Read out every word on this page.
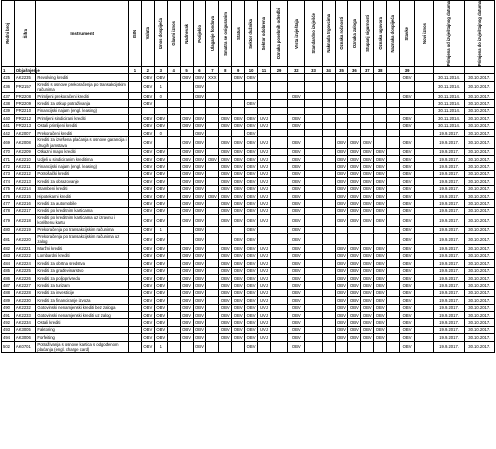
Redni broj	Šifra	Instrument	ISIN	Valuta	Iznos dospijeća	Glavni iznos	Nadnevak	Porijeklo	Ulaganje fondova	Smatra se osiguranim	Status	Sektor dužnika	Sektor odobrena	Oznaka posebnih odredbi	Vrsta izvještaja	Standardno izvješće	Naknada trgovcima	Oznaka ročnosti	Oznaka zaloga	Stupanj sigurnosti	Oznaka ugovora	Naznaka dospijeća	Stavke	Novi iznos	Primjena od izvještajnog datuma	Primjena do izvještajnog datuma

1	Objašnjenje		1	2	3	4	5	6	7	8	9	10	11	29	32	33	34	35	36	37	38		39			
425	AK2235	Revolving krediti		OBV	OBV		OBV	OBV	XXX		OBV	OBV											OBV		30.11.2014.	30.10.2017.
436	PR2157	Krediti s osnove prekoračenja po transakcijskim računima		OBV	1			OBV																	30.11.2014.	30.10.2017.
437	PR2208	Primljeni prekoračeni krediti		OBV	0			OBV							OBV								OBV		30.11.2014.	30.10.2017.
438	PR2209	Krediti za otkup potraživanja		OBV								OBV													30.11.2014.	30.10.2017.
439	PR2210	Financijski najam (engl. leasing)																							30.11.2014.	30.10.2017.
440	PR2212	Primljeni sindicirani krediti		OBV	OBV		OBV	OBV		OBV	OBV	OBV	UVJ		OBV								OBV		30.11.2014.	30.10.2017.
441	PR2213	Ostali primljeni krediti		OBV	OBV		OBV	OBV		OBV	OBV	OBV	UVJ		OBV								OBV		30.11.2014.	30.10.2017.
442	AK2007	Prekoračeni krediti		OBV	0			OBV				OBV													19.9.2017.	30.10.2017.
469	AK2008	Krediti za izvršena plaćanja s osnove garancija i drugih jamstava		OBV			OBV	OBV		OBV	OBV	OBV	UVJ		OBV			OBV	OBV	OBV			OBV		19.9.2017.	30.10.2017.
470	AK2209	Otkazni mapo krediti		OBV	OBV		OBV	OBV		OBV	OBV	OBV	UVJ		OBV			OBV	OBV	OBV	OBV		OBV		19.9.2017.	30.10.2017.
471	AK2210	Udjeli u sindiciranim kreditima		OBV	OBV		OBV	OBV	OBV	OBV	OBV	OBV	UVJ		OBV			OBV	OBV	OBV	OBV		OBV		19.9.2017.	30.10.2017.
472	AK2211	Financijski najam (engl. leasing)		OBV	OBV		OBV	OBV		OBV	OBV	OBV	UVJ		OBV			OBV	OBV	OBV	OBV		OBV		19.9.2017.	30.10.2017.
473	AK2212	Potrošački krediti		OBV	OBV		OBV	OBV		OBV	OBV	OBV	UVJ		OBV			OBV	OBV	OBV	OBV		OBV		19.9.2017.	30.10.2017.
474	AK2213	Krediti za obrazovanje		OBV	OBV		OBV	OBV		OBV	OBV	OBV	UVJ		OBV			OBV	OBV	OBV	OBV		OBV		19.9.2017.	30.10.2017.
475	AK2214	Stambeni krediti		OBV	OBV		OBV	OBV		OBV	OBV	OBV	UVJ		OBV			OBV	OBV	OBV	OBV		OBV		19.9.2017.	30.10.2017.
476	AK2215	Hipotekarni krediti		OBV	OBV		OBV	OBV	OBV	OBV	OBV	OBV	UVJ		OBV			OBV	OBV	OBV	OBV		OBV		19.9.2017.	30.10.2017.
477	AK2216	Krediti za automobile		OBV	OBV		OBV	OBV		OBV	OBV	OBV	UVJ		OBV			OBV	OBV	OBV	OBV		OBV		19.9.2017.	30.10.2017.
478	AK2217	Krediti po kreditnim karticama		OBV	OBV		OBV	OBV		OBV	OBV	OBV	UVJ		OBV			OBV	OBV	OBV	OBV		OBV		19.9.2017.	30.10.2017.
479	AK2218	Krediti po kreditnim karticama uz izravnu i korištenu kartu		OBV	OBV		OBV	OBV		OBV	OBV	OBV	UVJ		OBV			OBV	OBV	OBV	OBV		OBV		19.9.2017.	30.10.2017.
480	AK2219	Prekoračenja po transakcijskim računima		OBV	1			OBV				OBV			OBV								OBV		19.9.2017.	30.10.2017.
481	AK2220	Prekoračenja po transakcijskim računima uz zalog		OBV	OBV			OBV			OBV	OBV			OBV								OBV		19.9.2017.	30.10.2017.
482	AK2221	Maržni krediti		OBV	OBV		OBV	OBV		OBV	OBV	OBV	UVJ		OBV			OBV	OBV	OBV	OBV		OBV		19.9.2017.	30.10.2017.
483	AK2222	Lombardni krediti		OBV	OBV		OBV	OBV		OBV	OBV	OBV	UVJ		OBV			OBV	OBV	OBV	OBV		OBV		19.9.2017.	30.10.2017.
484	AK2224	Krediti za obrtna sredstva		OBV	OBV		OBV	OBV		OBV	OBV	OBV	UVJ		OBV			OBV	OBV	OBV	OBV		OBV		19.9.2017.	30.10.2017.
485	AK2225	Krediti za građevinarstvo		OBV	OBV		OBV	OBV		OBV	OBV	OBV	UVJ		OBV			OBV	OBV	OBV	OBV		OBV		19.9.2017.	30.10.2017.
486	AK2226	Krediti za poljoprivredu		OBV	OBV		OBV	OBV		OBV	OBV	OBV	UVJ		OBV			OBV	OBV	OBV	OBV		OBV		19.9.2017.	30.10.2017.
487	AK2227	Krediti za turizam		OBV	OBV		OBV	OBV		OBV	OBV	OBV	UVJ		OBV			OBV	OBV	OBV	OBV		OBV		19.9.2017.	30.10.2017.
488	AK2228	Krediti za investicije		OBV	OBV		OBV	OBV		OBV	OBV	OBV	UVJ		OBV			OBV	OBV	OBV	OBV		OBV		19.9.2017.	30.10.2017.
489	AK2230	Krediti za financiranje izvoza		OBV	OBV		OBV	OBV		OBV	OBV	OBV	UVJ		OBV			OBV	OBV	OBV	OBV		OBV		19.9.2017.	30.10.2017.
490	AK2232	Gotovinski nenamjenski krediti bez zaloga		OBV	OBV		OBV	OBV		OBV	OBV	OBV	UVJ		OBV			OBV	OBV	OBV	OBV		OBV		19.9.2017.	30.10.2017.
491	AK2233	Gotovinski nenamjenski krediti uz zalog		OBV	OBV		OBV	OBV		OBV	OBV	OBV	UVJ		OBV			OBV	OBV	OBV	OBV		OBV		19.9.2017.	30.10.2017.
492	AK2234	Ostali krediti		OBV	OBV		OBV	OBV		OBV	OBV	OBV	UVJ		OBV			OBV	OBV	OBV	OBV		OBV		19.9.2017.	30.10.2017.
493	AK3005	Faktoring		OBV	OBV		OBV	OBV		OBV	OBV	OBV	UVJ		OBV			OBV	OBV	OBV	OBV		OBV		19.9.2017.	30.10.2017.
494	AK3006	Forfeiting		OBV	OBV		OBV	OBV		OBV	OBV	OBV	UVJ		OBV			OBV	OBV	OBV	OBV		OBV		19.9.2017.	30.10.2017.
502	AK0701	Potraživanja s osnove kartica s odgođenom plaćanja (engl. charge card)		OBV	1			OBV				OBV			OBV								OBV		19.9.2017.	30.10.2017.
